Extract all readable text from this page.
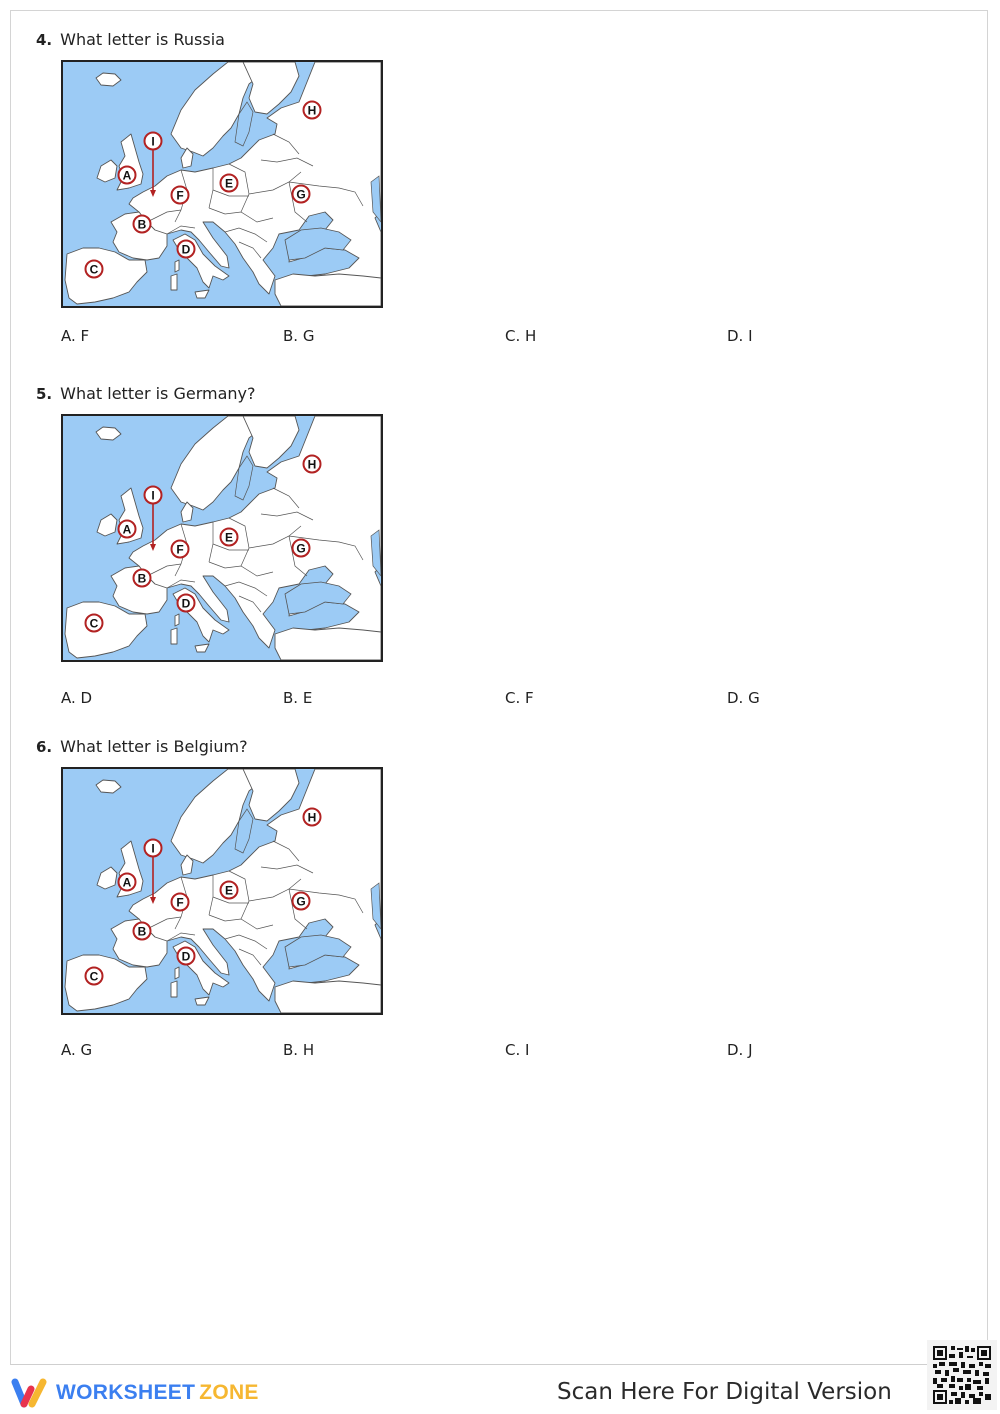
4. What letter is Russia
A
B
C
D
E
F	G
H
I
A. F	B. G	C. H	D. I
5. What letter is Germany?
A
B
C
D
E
F	G
H
I
A. D	B. E	C. F	D. G
6. What letter is Belgium?
A
B
C
D
E
F	G
H
I
A. G	B. H	C. I	D. J
WORKSHEET ZONE	Scan Here For Digital Version
